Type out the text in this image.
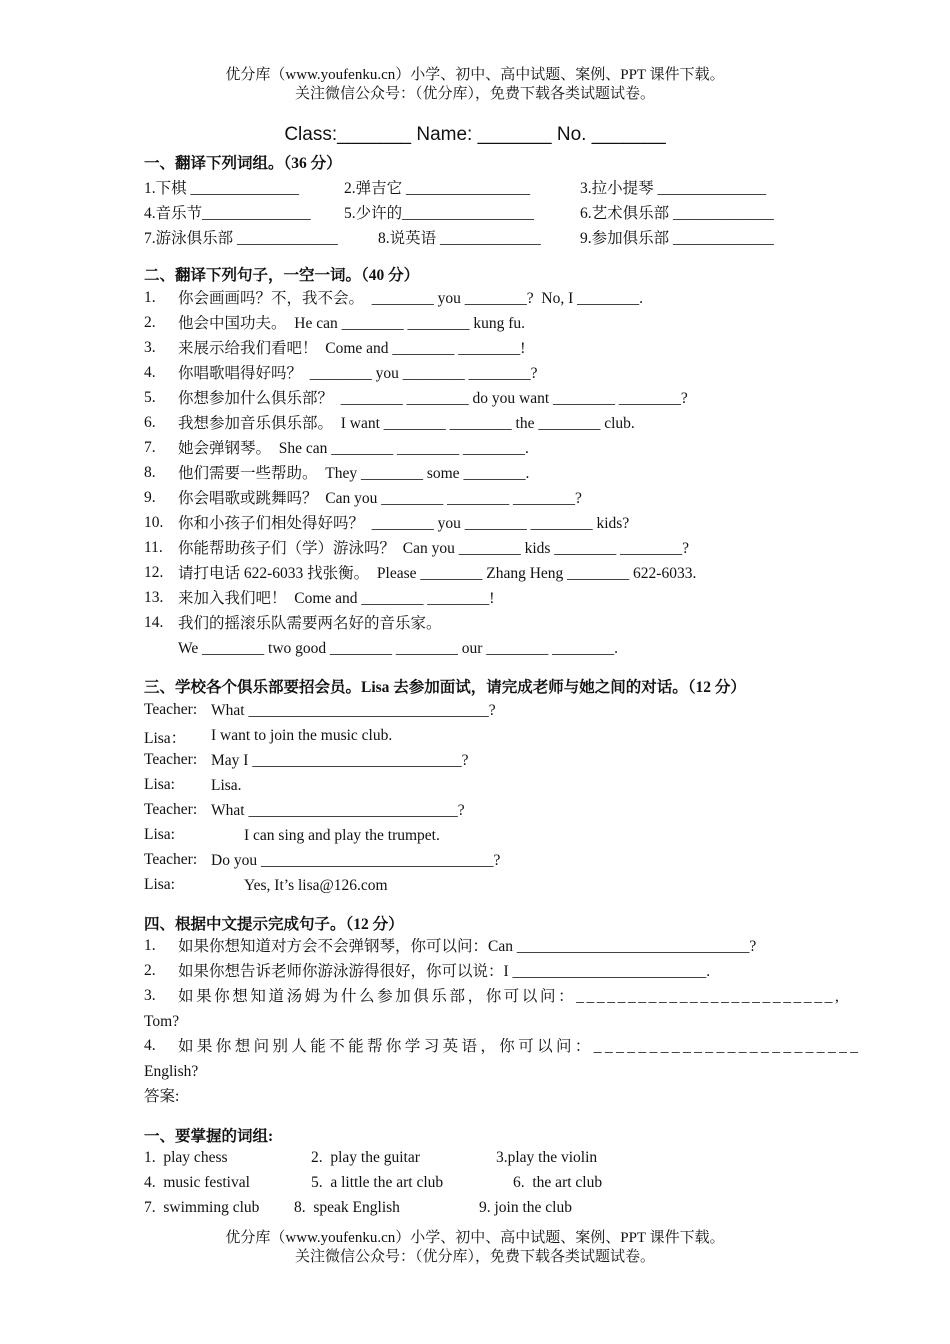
优分库（www.youfenku.cn）小学、初中、高中试题、案例、PPT 课件下载。
关注微信公众号：（优分库），免费下载各类试题试卷。
Class:_______ Name: _______ No. _______
一、翻译下列词组。（36 分）
1.下棋 ______________	2.弹吉它 ________________	3.拉小提琴 ______________
4.音乐节______________ 5.少许的_________________	6.艺术俱乐部 _____________
7.游泳俱乐部 _____________	8.说英语 _____________	9.参加俱乐部 _____________
二、翻译下列句子，一空一词。（40 分）
1. 你会画画吗？不，我不会。  ________ you ________?  No, I ________.
2. 他会中国功夫。  He can ________ ________ kung fu.
3. 来展示给我们看吧！  Come and ________ ________!
4. 你唱歌唱得好吗？  ________ you ________ ________?
5. 你想参加什么俱乐部？  ________ ________ do you want ________ ________?
6. 我想参加音乐俱乐部。  I want ________ ________ the ________ club.
7. 她会弹钢琴。  She can ________ ________ ________.
8. 他们需要一些帮助。  They ________ some ________.
9. 你会唱歌或跳舞吗？  Can you ________ ________ ________?
10. 你和小孩子们相处得好吗？  ________ you ________ ________ kids?
11. 你能帮助孩子们（学）游泳吗？  Can you ________ kids ________ ________?
12. 请打电话 622-6033 找张衡。  Please ________ Zhang Heng ________ 622-6033.
13. 来加入我们吧！  Come and ________ ________!
14. 我们的摇滚乐队需要两名好的音乐家。
We ________ two good ________ ________ our ________ ________.
三、学校各个俱乐部要招会员。Lisa 去参加面试，请完成老师与她之间的对话。（12 分）
Teacher: What _______________________________?
Lisa： I want to join the music club.
Teacher: May I ___________________________?
Lisa: Lisa.
Teacher: What ___________________________?
Lisa:	I can sing and play the trumpet.
Teacher: Do you ______________________________?
Lisa:	Yes, It’s lisa@126.com
四、根据中文提示完成句子。（12 分）
1. 如果你想知道对方会不会弹钢琴，你可以问：Can ______________________________?
2. 如果你想告诉老师你游泳游得很好，你可以说：I _________________________.
3. 如果你想知道汤姆为什么参加俱乐部，你可以问：_________________________,
Tom?
4. 如果你想问别人能不能帮你学习英语，你可以问：________________________
English?
答案:
一、要掌握的词组:
1.  play chess	2.  play the guitar	3.play the violin
4.  music festival	5.  a little the art club	6.  the art club
7.  swimming club 8.  speak English	9. join the club
优分库（www.youfenku.cn）小学、初中、高中试题、案例、PPT 课件下载。
关注微信公众号：（优分库），免费下载各类试题试卷。
